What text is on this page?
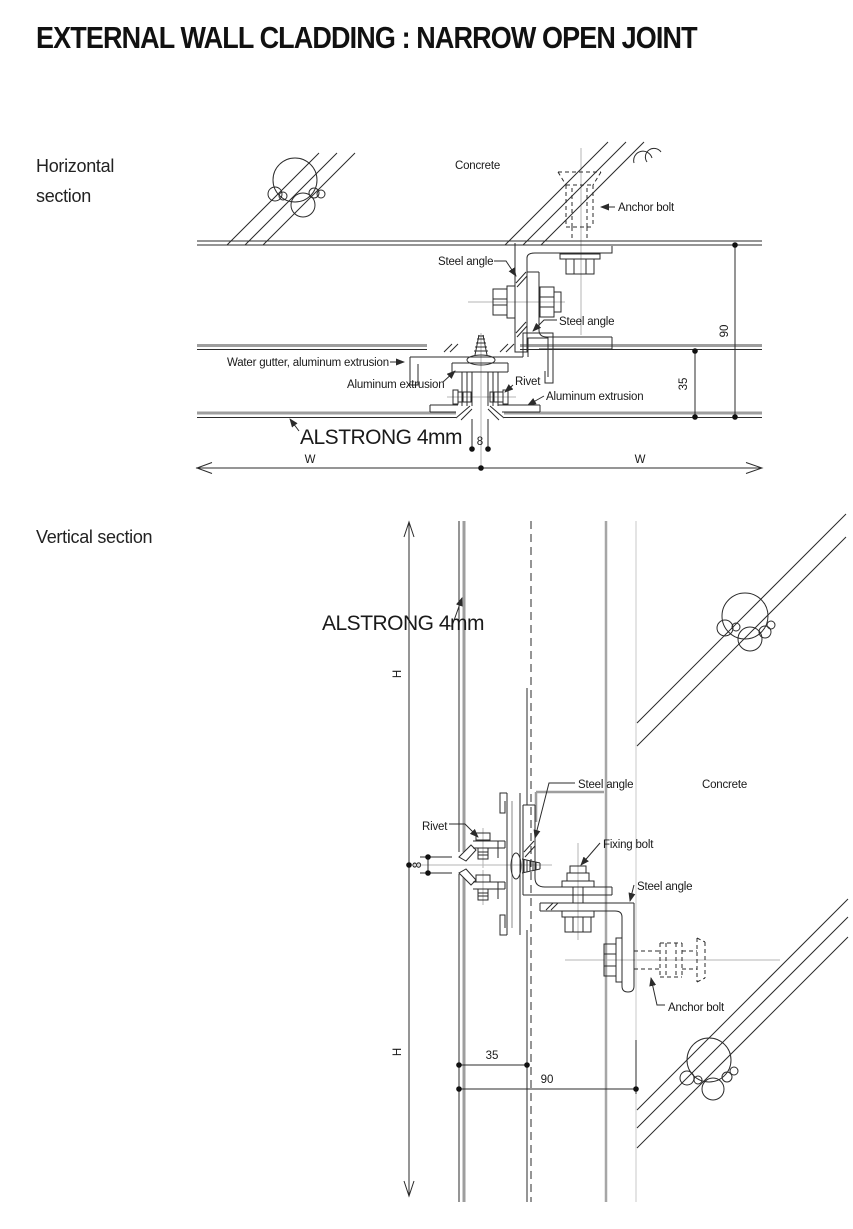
EXTERNAL WALL CLADDING : NARROW OPEN JOINT
Horizontal
section
90
35
8
W	W
Concrete
Anchor bolt
Steel angle
Steel angle
Water gutter, aluminum extrusion
Aluminum extrusion	Rivet
Aluminum extrusion
ALSTRONG 4mm
Vertical section
H
H
8
35
90
ALSTRONG 4mm
Steel angle	Concrete
Rivet
Fixing bolt
Steel angle
Anchor bolt
